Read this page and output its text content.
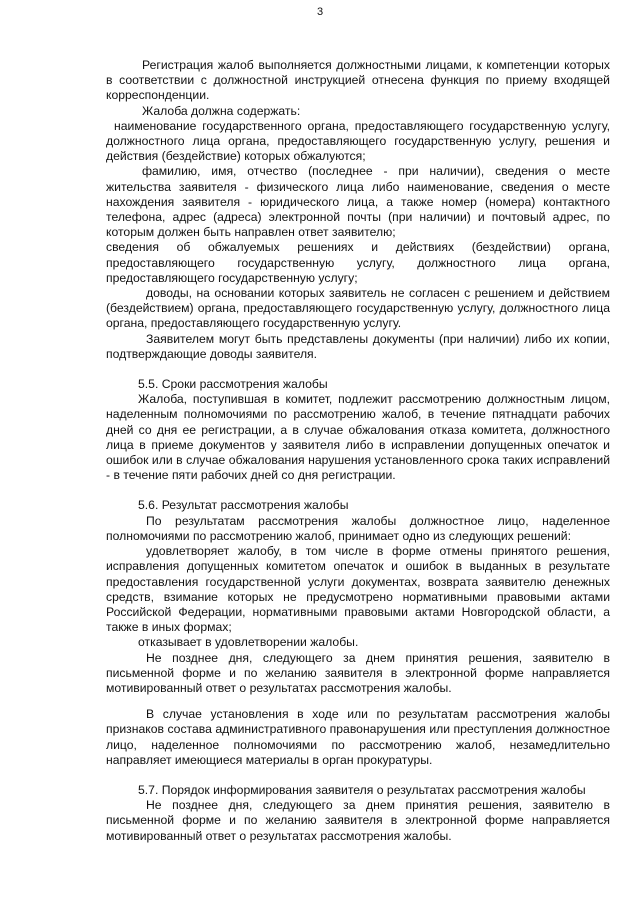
3

Регистрация жалоб выполняется должностными лицами, к компетенции которых в соответствии с должностной инструкцией отнесена функция по приему входящей корреспонденции.

Жалоба должна содержать:

наименование государственного органа, предоставляющего государственную услугу, должностного лица органа, предоставляющего государственную услугу, решения и действия (бездействие) которых обжалуются;

фамилию, имя, отчество (последнее - при наличии), сведения о месте жительства заявителя - физического лица либо наименование, сведения о месте нахождения заявителя - юридического лица, а также номер (номера) контактного телефона, адрес (адреса) электронной почты (при наличии) и почтовый адрес, по которым должен быть направлен ответ заявителю;

сведения об обжалуемых решениях и действиях (бездействии) органа, предоставляющего государственную услугу, должностного лица органа, предоставляющего государственную услугу;

доводы, на основании которых заявитель не согласен с решением и действием (бездействием) органа, предоставляющего государственную услугу, должностного лица органа, предоставляющего государственную услугу.

Заявителем могут быть представлены документы (при наличии) либо их копии, подтверждающие доводы заявителя.

5.5. Сроки рассмотрения жалобы

Жалоба, поступившая в комитет, подлежит рассмотрению должностным лицом, наделенным полномочиями по рассмотрению жалоб, в течение пятнадцати рабочих дней со дня ее регистрации, а в случае обжалования отказа комитета, должностного лица в приеме документов у заявителя либо в исправлении допущенных опечаток и ошибок или в случае обжалования нарушения установленного срока таких исправлений - в течение пяти рабочих дней со дня регистрации.

5.6. Результат рассмотрения жалобы

По результатам рассмотрения жалобы должностное лицо, наделенное полномочиями по рассмотрению жалоб, принимает одно из следующих решений:

удовлетворяет жалобу, в том числе в форме отмены принятого решения, исправления допущенных комитетом опечаток и ошибок в выданных в результате предоставления государственной услуги документах, возврата заявителю денежных средств, взимание которых не предусмотрено нормативными правовыми актами Российской Федерации, нормативными правовыми актами Новгородской области, а также в иных формах;

отказывает в удовлетворении жалобы.

Не позднее дня, следующего за днем принятия решения, заявителю в письменной форме и по желанию заявителя в электронной форме направляется мотивированный ответ о результатах рассмотрения жалобы.

В случае установления в ходе или по результатам рассмотрения жалобы признаков состава административного правонарушения или преступления должностное лицо, наделенное полномочиями по рассмотрению жалоб, незамедлительно направляет имеющиеся материалы в орган прокуратуры.

5.7. Порядок информирования заявителя о результатах рассмотрения жалобы

Не позднее дня, следующего за днем принятия решения, заявителю в письменной форме и по желанию заявителя в электронной форме направляется мотивированный ответ о результатах рассмотрения жалобы.
